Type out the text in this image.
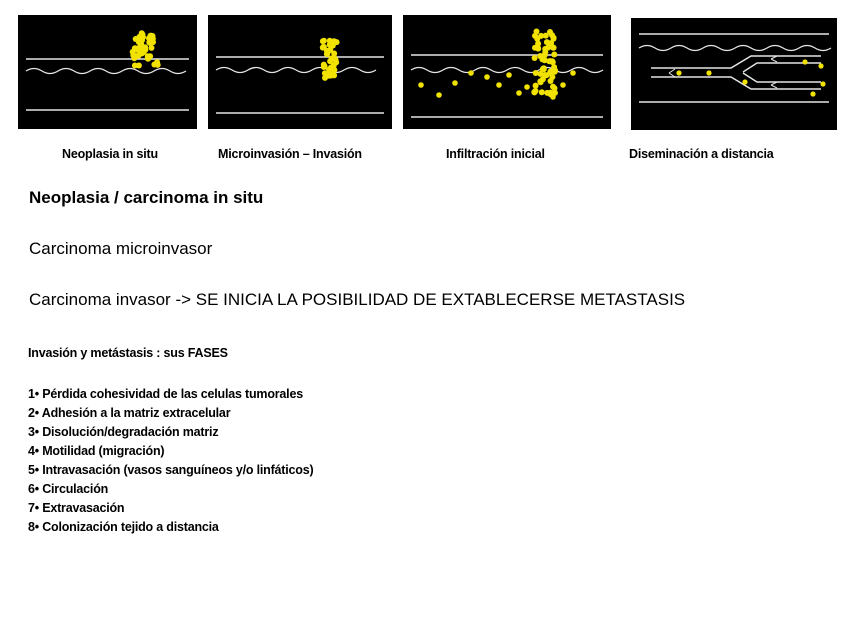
Neoplasia in situ	Microinvasión – Invasión	Infiltración inicial	Diseminación a distancia
Neoplasia / carcinoma in situ
Carcinoma microinvasor
Carcinoma invasor -> SE INICIA LA POSIBILIDAD DE EXTABLECERSE METASTASIS
Invasión y metástasis : sus FASES
1• Pérdida cohesividad de las celulas tumorales
2• Adhesión a la matriz extracelular
3• Disolución/degradación matriz
4• Motilidad (migración)
5• Intravasación (vasos sanguíneos y/o linfáticos)
6• Circulación
7• Extravasación
8• Colonización tejido a distancia
